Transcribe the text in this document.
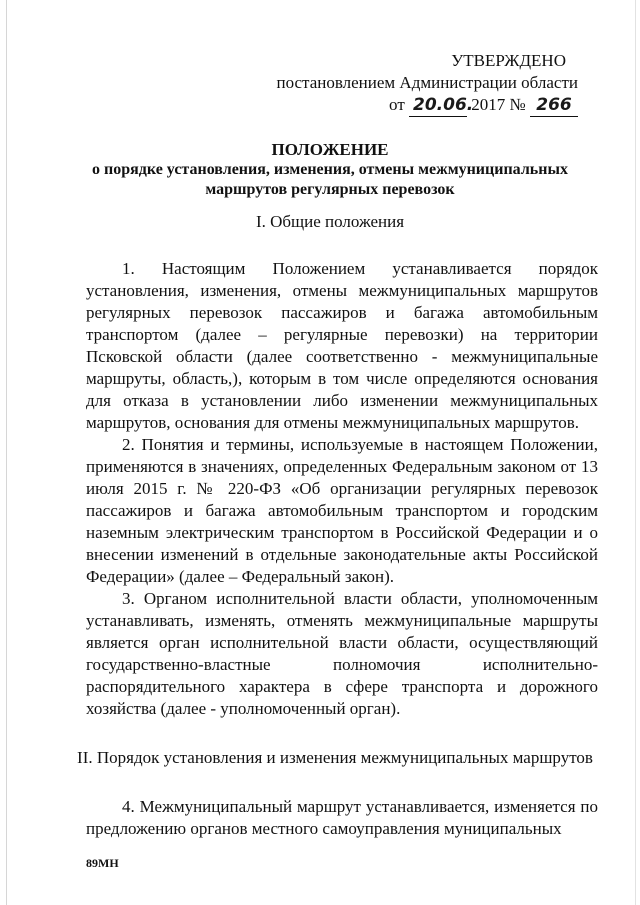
УТВЕРЖДЕНО
постановлением Администрации области
от 20.06. 2017 № 266
ПОЛОЖЕНИЕ
о порядке установления, изменения, отмены межмуниципальных маршрутов регулярных перевозок
I. Общие положения

1. Настоящим Положением устанавливается порядок установления, изменения, отмены межмуниципальных маршрутов регулярных перевозок пассажиров и багажа автомобильным транспортом (далее – регулярные перевозки) на территории Псковской области (далее соответственно - межмуниципальные маршруты, область,), которым в том числе определяются основания для отказа в установлении либо изменении межмуниципальных маршрутов, основания для отмены межмуниципальных маршрутов.

2. Понятия и термины, используемые в настоящем Положении, применяются в значениях, определенных Федеральным законом от 13 июля 2015 г. № 220-ФЗ «Об организации регулярных перевозок пассажиров и багажа автомобильным транспортом и городским наземным электрическим транспортом в Российской Федерации и о внесении изменений в отдельные законодательные акты Российской Федерации» (далее – Федеральный закон).

3. Органом исполнительной власти области, уполномоченным устанавливать, изменять, отменять межмуниципальные маршруты является орган исполнительной власти области, осуществляющий государственно-властные полномочия исполнительно-распорядительного характера в сфере транспорта и дорожного хозяйства (далее - уполномоченный орган).

II. Порядок установления и изменения межмуниципальных маршрутов

4. Межмуниципальный маршрут устанавливается, изменяется по предложению органов местного самоуправления муниципальных

89МН
